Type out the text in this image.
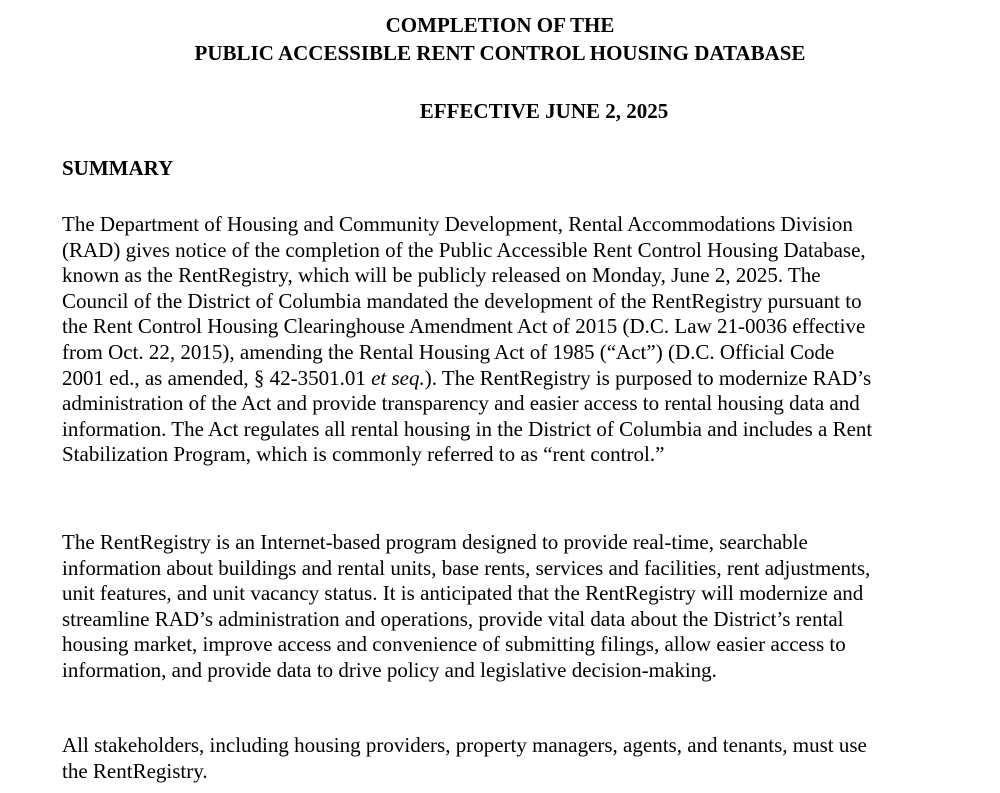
COMPLETION OF THE
PUBLIC ACCESSIBLE RENT CONTROL HOUSING DATABASE
EFFECTIVE JUNE 2, 2025
SUMMARY
The Department of Housing and Community Development, Rental Accommodations Division
(RAD) gives notice of the completion of the Public Accessible Rent Control Housing Database,
known as the RentRegistry, which will be publicly released on Monday, June 2, 2025. The
Council of the District of Columbia mandated the development of the RentRegistry pursuant to
the Rent Control Housing Clearinghouse Amendment Act of 2015 (D.C. Law 21-0036 effective
from Oct. 22, 2015), amending the Rental Housing Act of 1985 (“Act”) (D.C. Official Code
2001 ed., as amended, § 42-3501.01 et seq.). The RentRegistry is purposed to modernize RAD’s
administration of the Act and provide transparency and easier access to rental housing data and
information. The Act regulates all rental housing in the District of Columbia and includes a Rent
Stabilization Program, which is commonly referred to as “rent control.”
The RentRegistry is an Internet-based program designed to provide real-time, searchable
information about buildings and rental units, base rents, services and facilities, rent adjustments,
unit features, and unit vacancy status. It is anticipated that the RentRegistry will modernize and
streamline RAD’s administration and operations, provide vital data about the District’s rental
housing market, improve access and convenience of submitting filings, allow easier access to
information, and provide data to drive policy and legislative decision-making.
All stakeholders, including housing providers, property managers, agents, and tenants, must use
the RentRegistry.
